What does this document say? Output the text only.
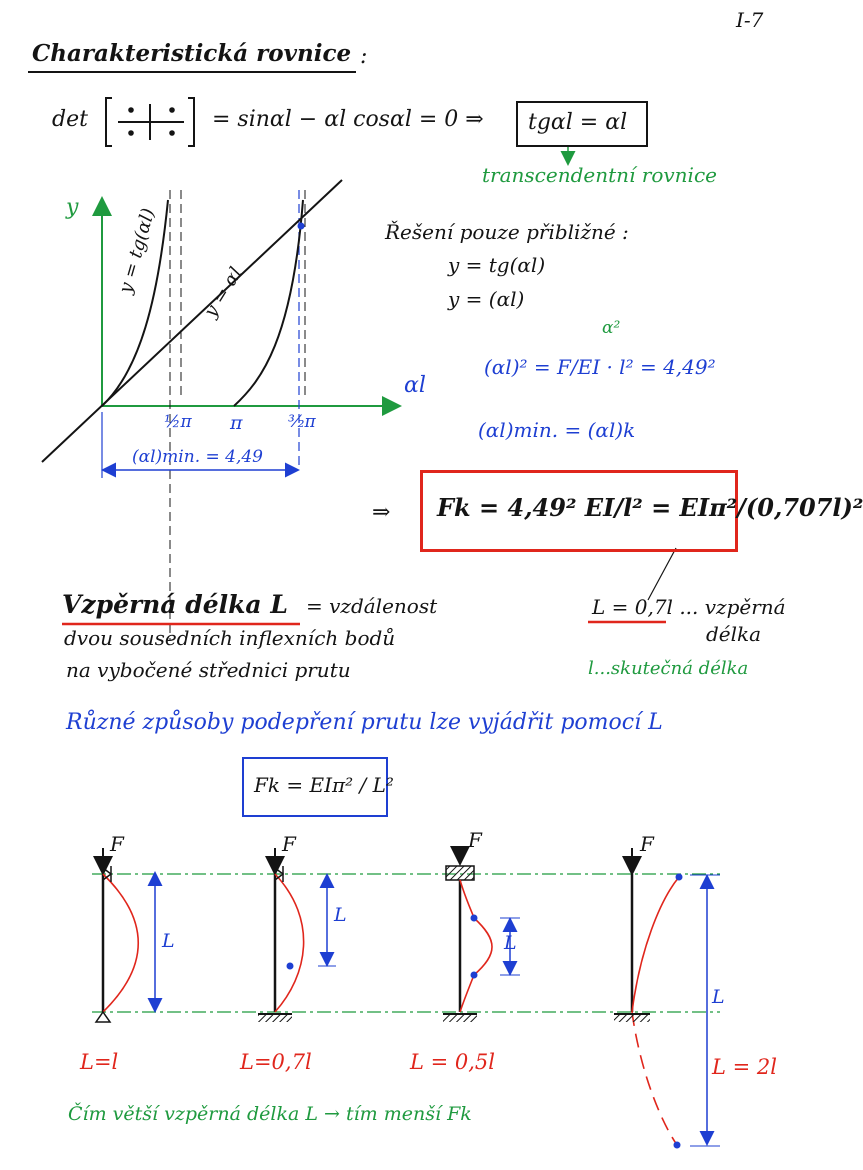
I-7
Charakteristická rovnice :
det	= sinαl − αl cosαl = 0 ⇒ tgαl = αl
transcendentní rovnice
y
αl
y = tg(αl) y = αl
½π π	³⁄₂π
(αl)min. = 4,49
Řešení pouze přibližné :
y = tg(αl)
y = (αl)
α²
(αl)² = F/EI · l² = 4,49²
(αl)min. = (αl)k
⇒ Fk = 4,49² EI/l² = EIπ²/(0,707l)²
Vzpěrná délka L = vzdálenost
dvou sousedních inflexních bodů
na vybočené střednici prutu
L = 0,7l ... vzpěrná
délka
l...skutečná délka
Různé způsoby podepření prutu lze vyjádřit pomocí L
Fk = EIπ² / L²
F	F	F	F
L
L
L
L
L=l	L=0,7l	L = 0,5l	L = 2l
Čím větší vzpěrná délka L → tím menší Fk
